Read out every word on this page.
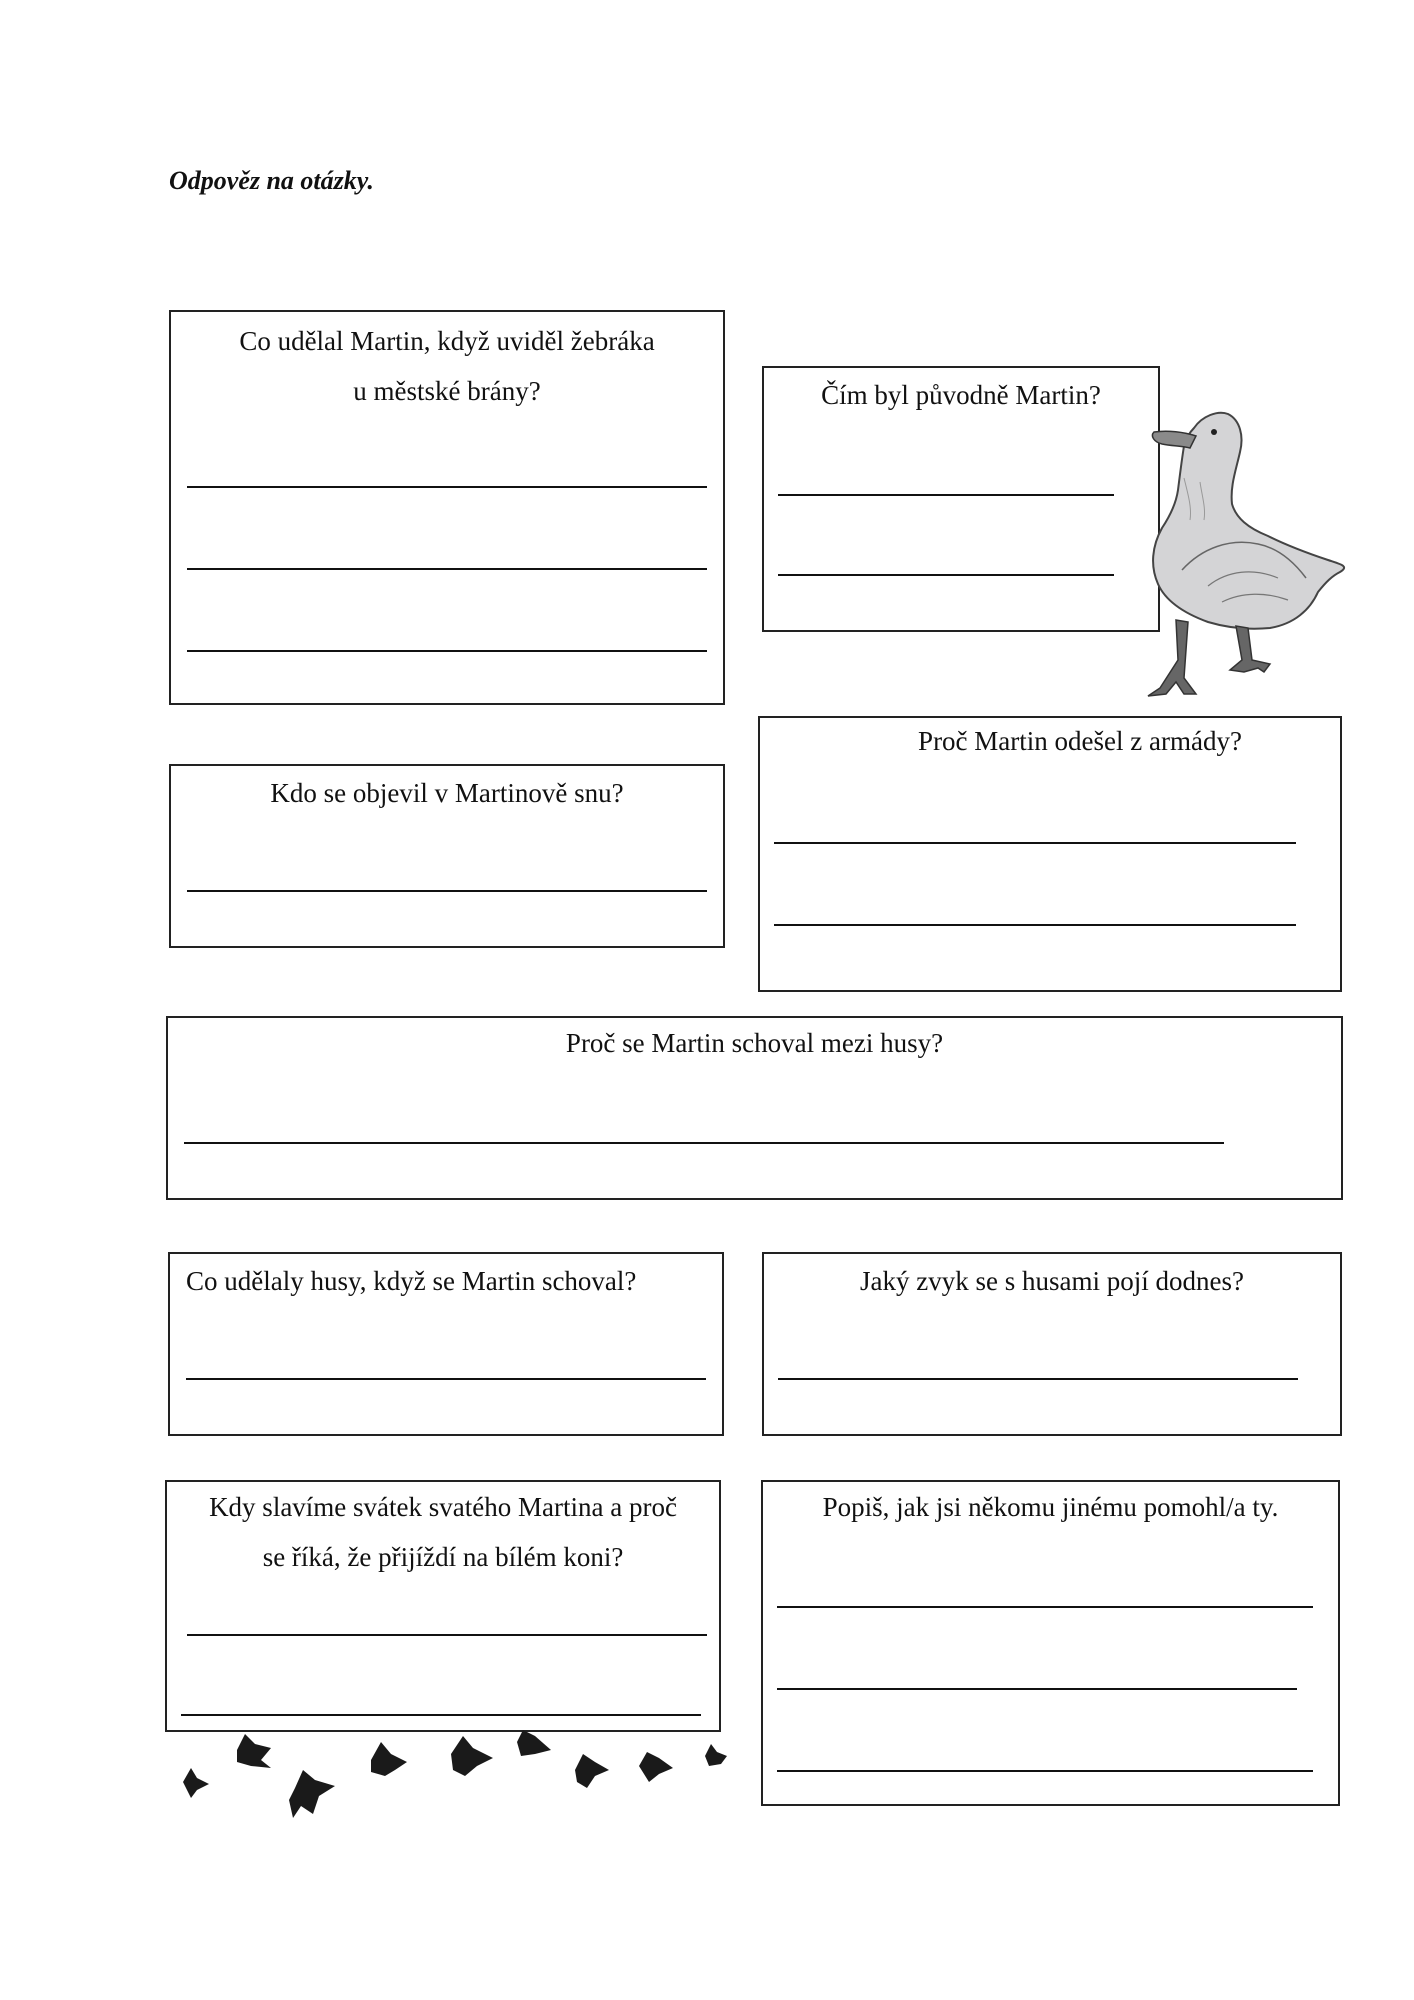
Odpověz na otázky.

Co udělal Martin, když uviděl žebráka

u městské brány?	Čím byl původně Martin?

Kdo se objevil v Martinově snu?

Proč Martin odešel z armády?

Proč se Martin schoval mezi husy?

Co udělaly husy, když se Martin schoval?	Jaký zvyk se s husami pojí dodnes?

Kdy slavíme svátek svatého Martina a proč

se říká, že přijíždí na bílém koni?

Popiš, jak jsi někomu jinému pomohl/a ty.
